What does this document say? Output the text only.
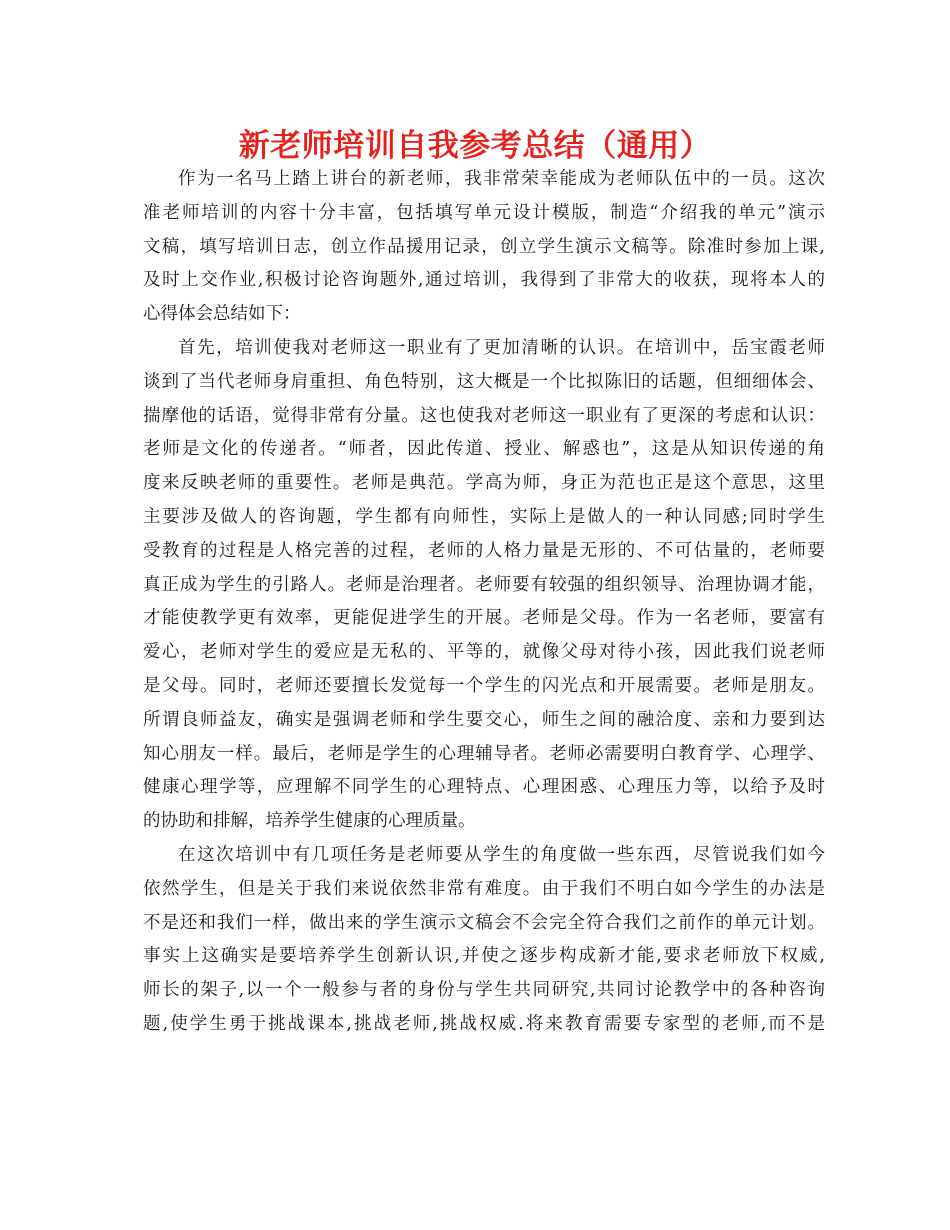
新老师培训自我参考总结（通用）

作为一名马上踏上讲台的新老师，我非常荣幸能成为老师队伍中的一员。这次
准老师培训的内容十分丰富，包括填写单元设计模版，制造“介绍我的单元”演示
文稿，填写培训日志，创立作品援用记录，创立学生演示文稿等。除准时参加上课,
及时上交作业,积极讨论咨询题外,通过培训，我得到了非常大的收获，现将本人的
心得体会总结如下：

首先，培训使我对老师这一职业有了更加清晰的认识。在培训中，岳宝霞老师
谈到了当代老师身肩重担、角色特别，这大概是一个比拟陈旧的话题，但细细体会、
揣摩他的话语，觉得非常有分量。这也使我对老师这一职业有了更深的考虑和认识：
老师是文化的传递者。“师者，因此传道、授业、解惑也”，这是从知识传递的角
度来反映老师的重要性。老师是典范。学高为师，身正为范也正是这个意思，这里
主要涉及做人的咨询题，学生都有向师性，实际上是做人的一种认同感;同时学生
受教育的过程是人格完善的过程，老师的人格力量是无形的、不可估量的，老师要
真正成为学生的引路人。老师是治理者。老师要有较强的组织领导、治理协调才能，
才能使教学更有效率，更能促进学生的开展。老师是父母。作为一名老师，要富有
爱心，老师对学生的爱应是无私的、平等的，就像父母对待小孩，因此我们说老师
是父母。同时，老师还要擅长发觉每一个学生的闪光点和开展需要。老师是朋友。
所谓良师益友，确实是强调老师和学生要交心，师生之间的融洽度、亲和力要到达
知心朋友一样。最后，老师是学生的心理辅导者。老师必需要明白教育学、心理学、
健康心理学等，应理解不同学生的心理特点、心理困惑、心理压力等，以给予及时
的协助和排解，培养学生健康的心理质量。

在这次培训中有几项任务是老师要从学生的角度做一些东西，尽管说我们如今
依然学生，但是关于我们来说依然非常有难度。由于我们不明白如今学生的办法是
不是还和我们一样，做出来的学生演示文稿会不会完全符合我们之前作的单元计划。
事实上这确实是要培养学生创新认识,并使之逐步构成新才能,要求老师放下权威,
师长的架子,以一个一般参与者的身份与学生共同研究,共同讨论教学中的各种咨询
题,使学生勇于挑战课本,挑战老师,挑战权威.将来教育需要专家型的老师,而不是
